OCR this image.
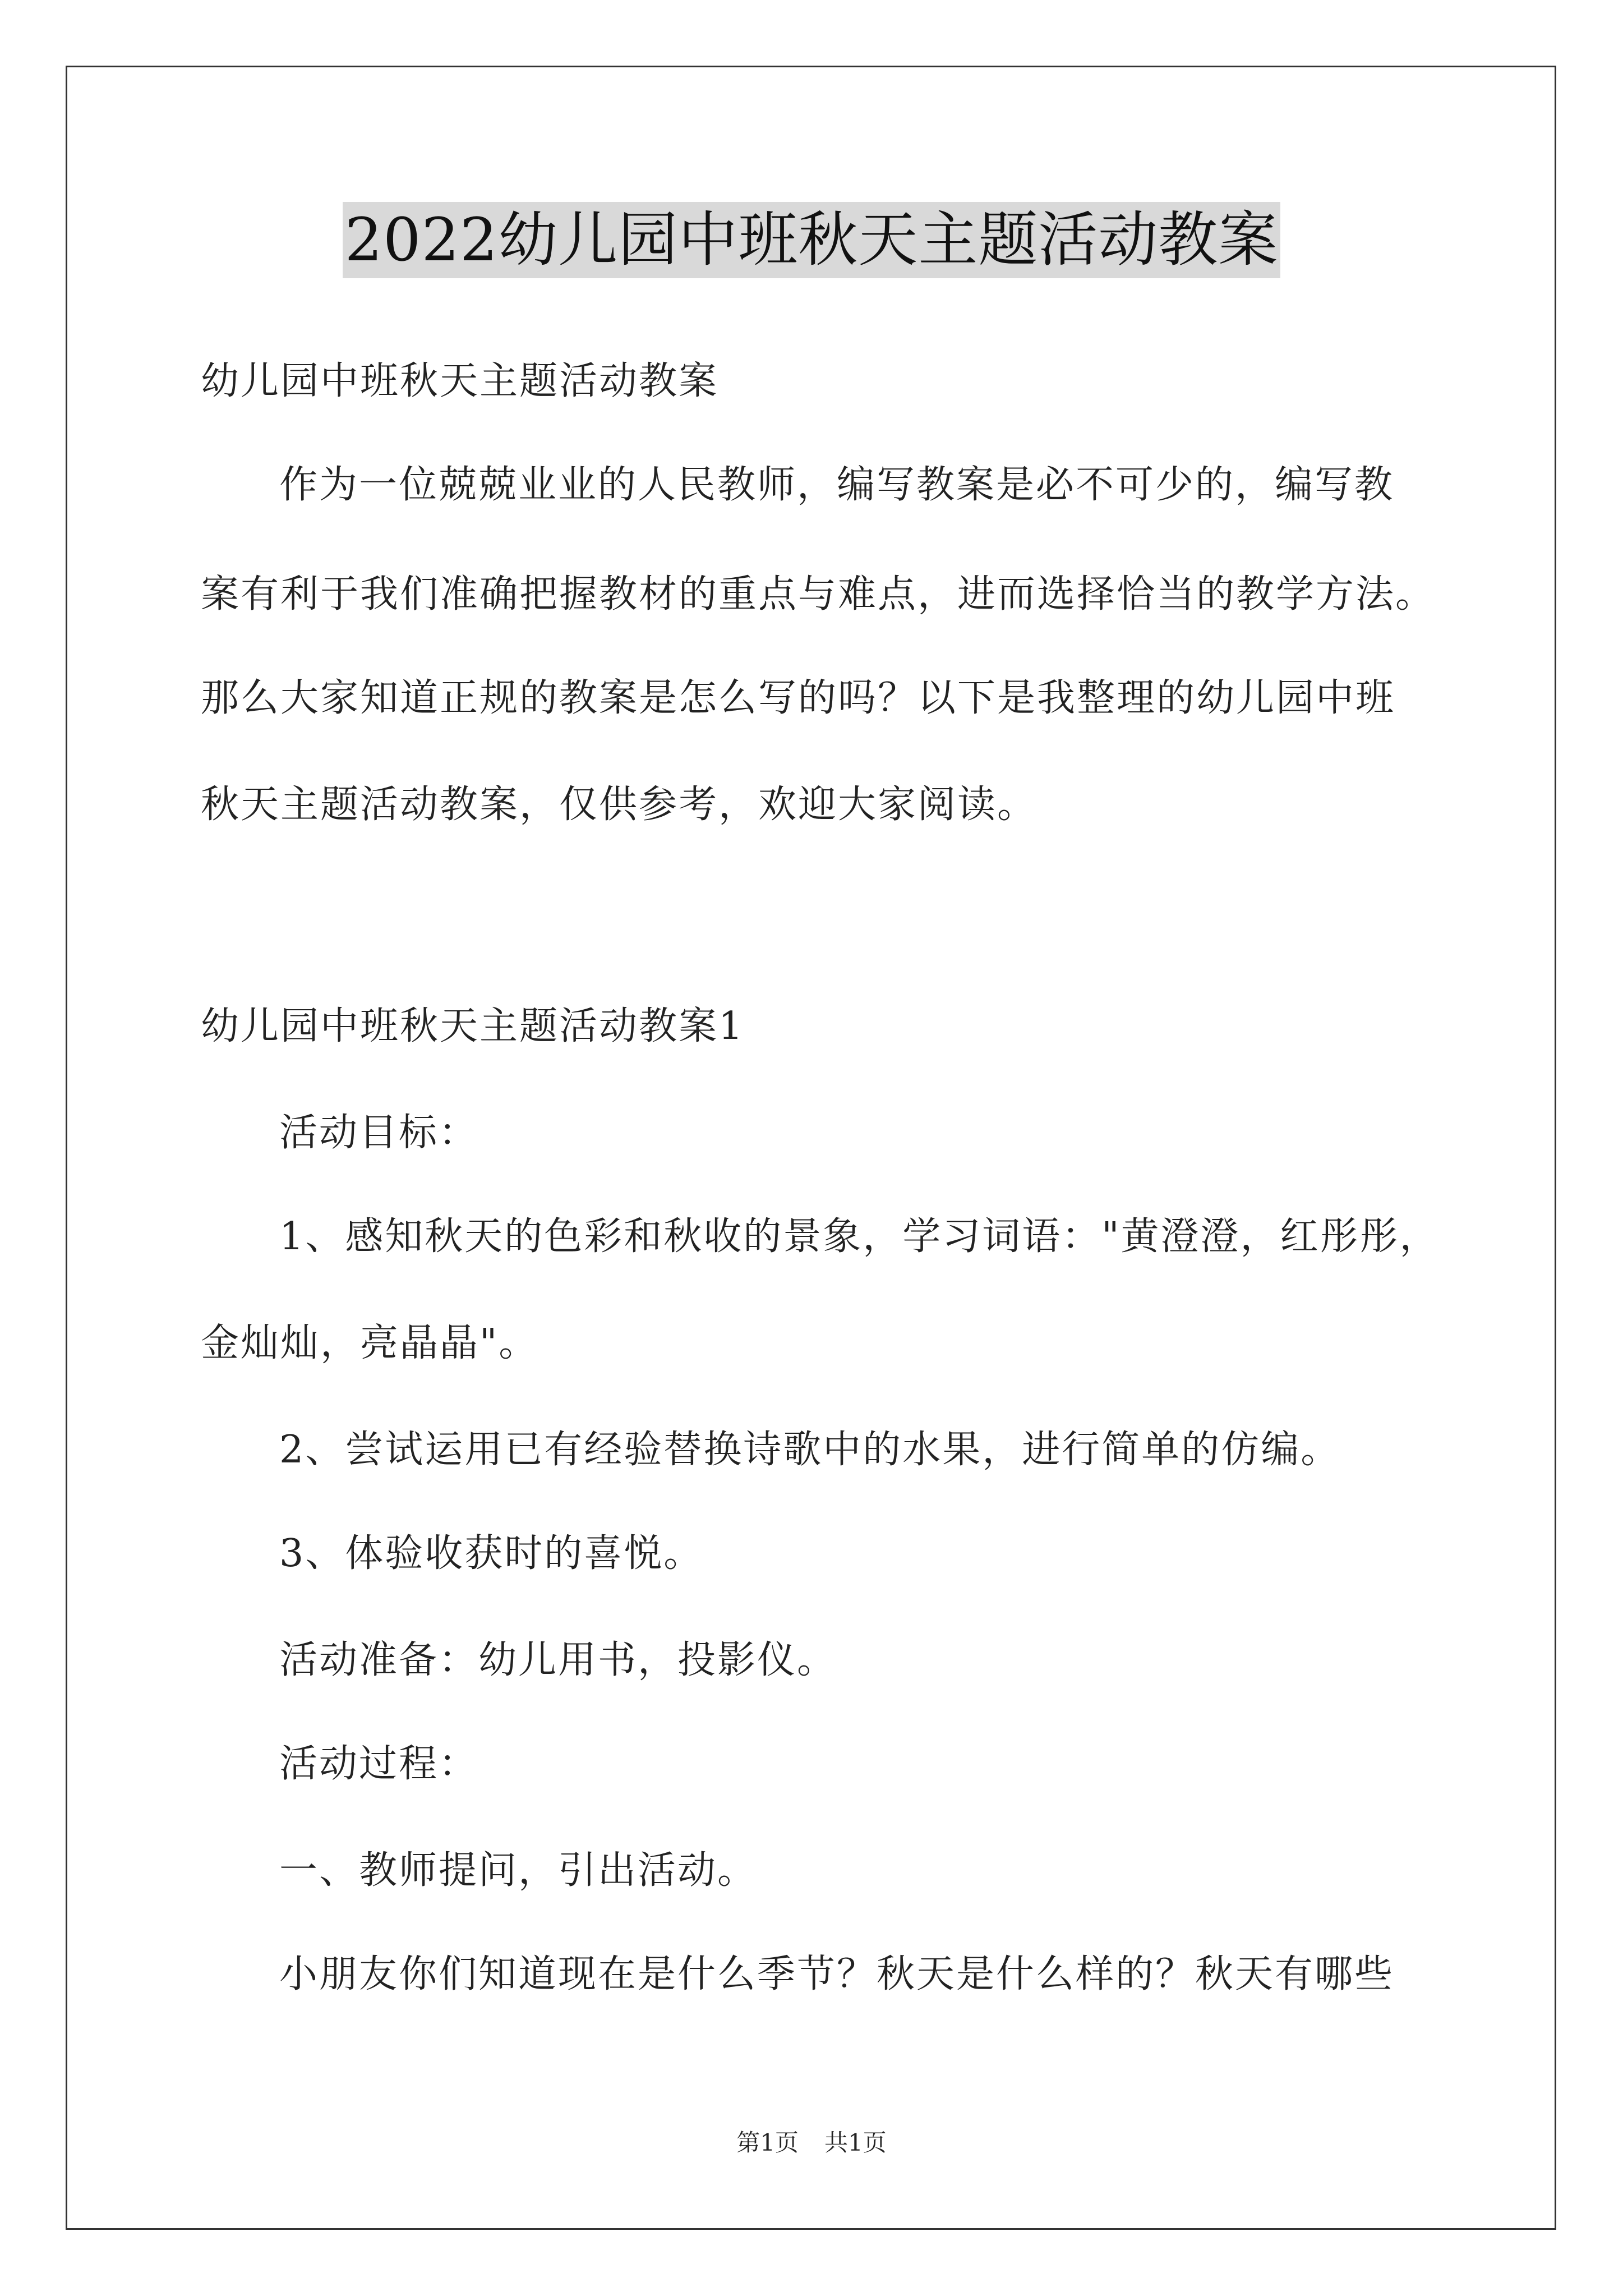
2022幼儿园中班秋天主题活动教案
幼儿园中班秋天主题活动教案
作为一位兢兢业业的人民教师，编写教案是必不可少的，编写教
案有利于我们准确把握教材的重点与难点，进而选择恰当的教学方法。
那么大家知道正规的教案是怎么写的吗？以下是我整理的幼儿园中班
秋天主题活动教案，仅供参考，欢迎大家阅读。
幼儿园中班秋天主题活动教案1
活动目标：
1、感知秋天的色彩和秋收的景象，学习词语："黄澄澄，红彤彤，
金灿灿，亮晶晶"。
2、尝试运用已有经验替换诗歌中的水果，进行简单的仿编。
3、体验收获时的喜悦。
活动准备：幼儿用书，投影仪。
活动过程：
一、教师提问，引出活动。
小朋友你们知道现在是什么季节？秋天是什么样的？秋天有哪些
第1页 共1页
